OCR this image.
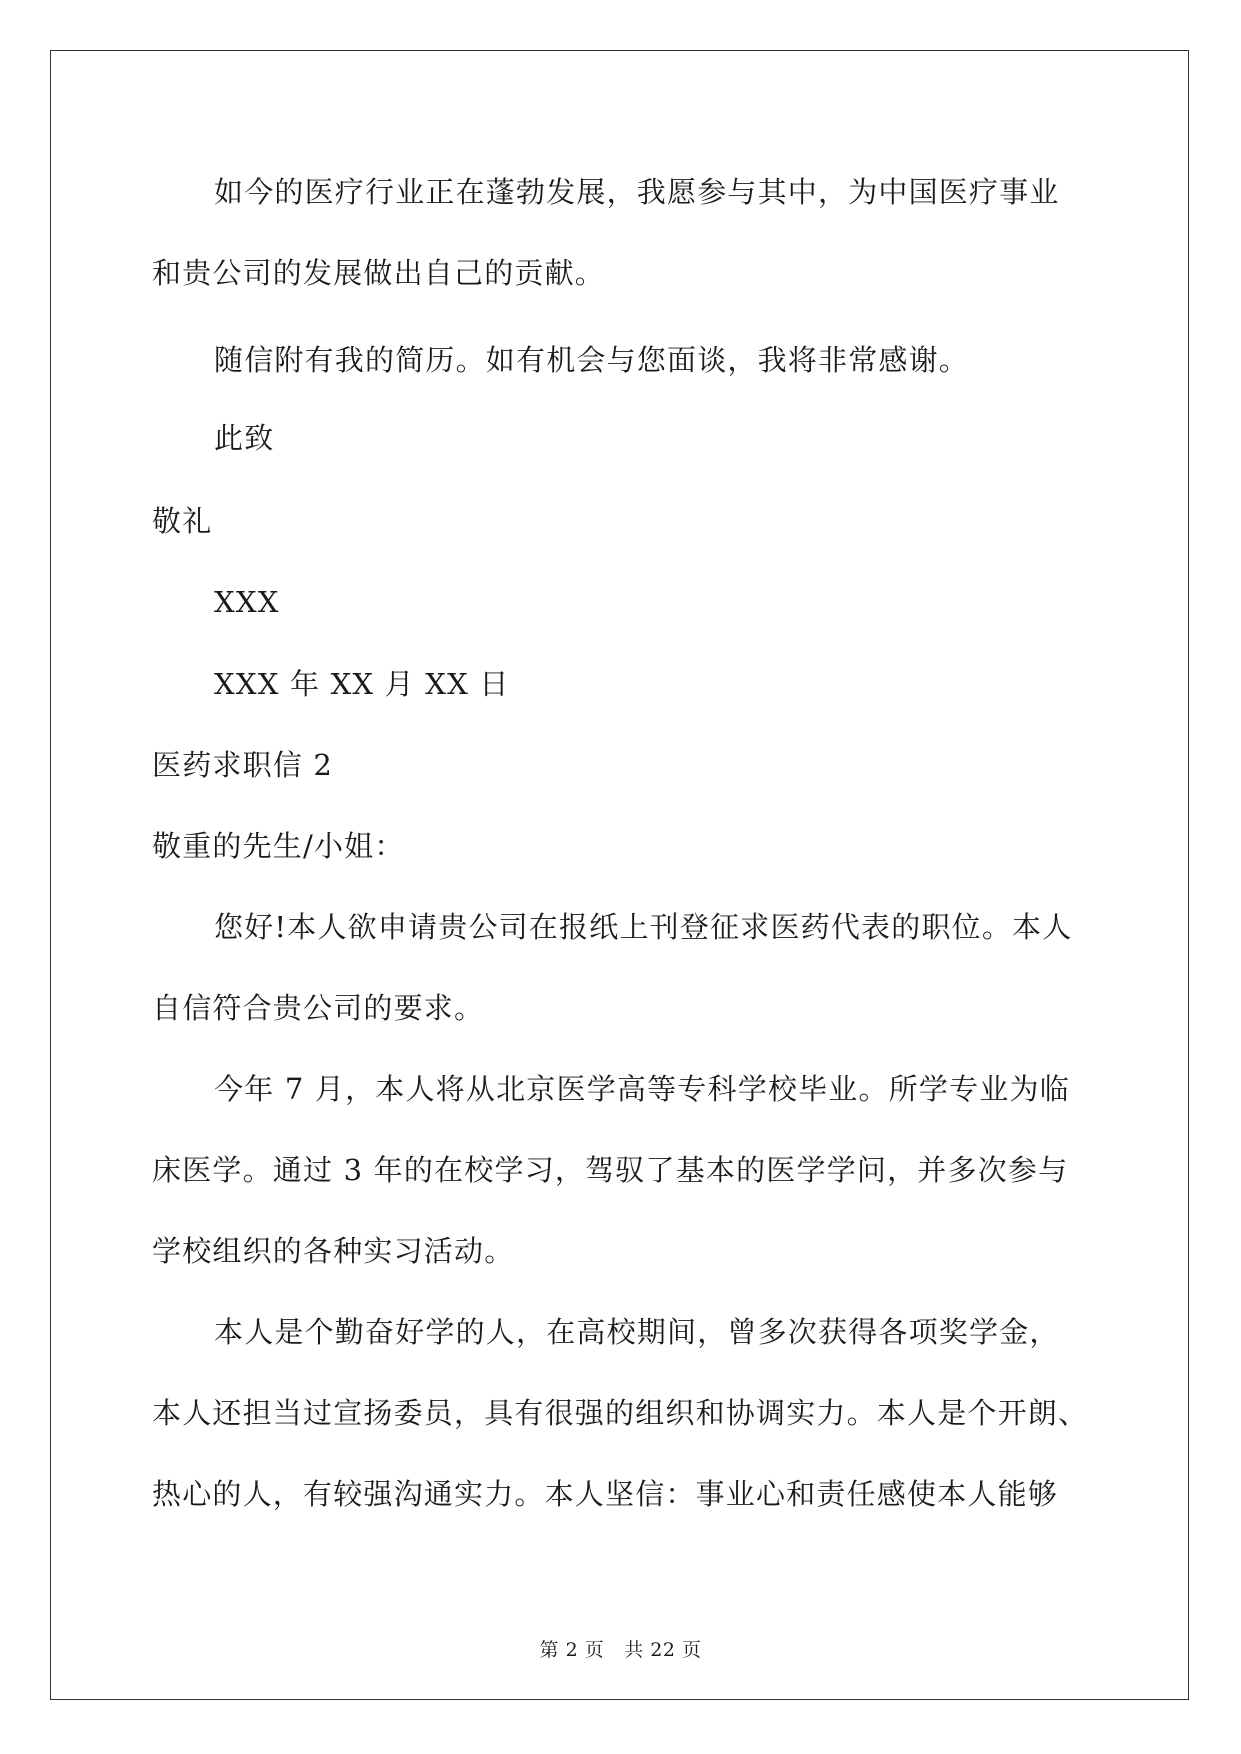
如今的医疗行业正在蓬勃发展，我愿参与其中，为中国医疗事业
和贵公司的发展做出自己的贡献。
随信附有我的简历。如有机会与您面谈，我将非常感谢。
此致
敬礼
XXX
XXX 年 XX 月 XX 日
医药求职信 2
敬重的先生/小姐：
您好!本人欲申请贵公司在报纸上刊登征求医药代表的职位。本人
自信符合贵公司的要求。
今年 7 月，本人将从北京医学高等专科学校毕业。所学专业为临
床医学。通过 3 年的在校学习，驾驭了基本的医学学问，并多次参与
学校组织的各种实习活动。
本人是个勤奋好学的人，在高校期间，曾多次获得各项奖学金，
本人还担当过宣扬委员，具有很强的组织和协调实力。本人是个开朗、
热心的人，有较强沟通实力。本人坚信：事业心和责任感使本人能够
第 2 页 共 22 页
